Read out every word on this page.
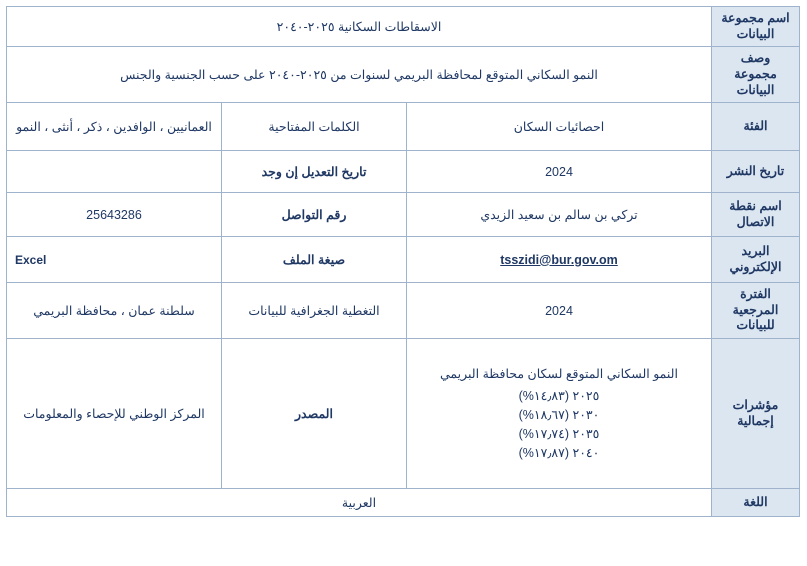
اسم مجموعة البيانات	الاسقاطات السكانية ٢٠٢٥-٢٠٤٠		
وصف مجموعة البيانات	النمو السكاني المتوقع لمحافظة البريمي لسنوات من ٢٠٢٥-٢٠٤٠ على حسب الجنسية والجنس		
الفئة	احصائيات السكان	الكلمات المفتاحية	العمانيين ، الوافدين ، ذكر ، أنثى ، النمو
تاريخ النشر	2024	تاريخ التعديل إن وجد	
اسم نقطة الاتصال	تركي بن سالم بن سعيد الزيدي	رقم التواصل	25643286
البريد الإلكتروني	tsszidi@bur.gov.om	صيغة الملف	Excel
الفترة المرجعية للبيانات	2024	التغطية الجغرافية للبيانات	سلطنة عمان ، محافظة البريمي
مؤشرات إجمالية	النمو السكاني المتوقع لسكان محافظة البريمي
٢٠٢٥ (١٤٫٨٣%)
٢٠٣٠ (١٨٫٦٧%)
٢٠٣٥ (١٧٫٧٤%)
٢٠٤٠ (١٧٫٨٧%)	المصدر	المركز الوطني للإحصاء والمعلومات
اللغة	العربية		
